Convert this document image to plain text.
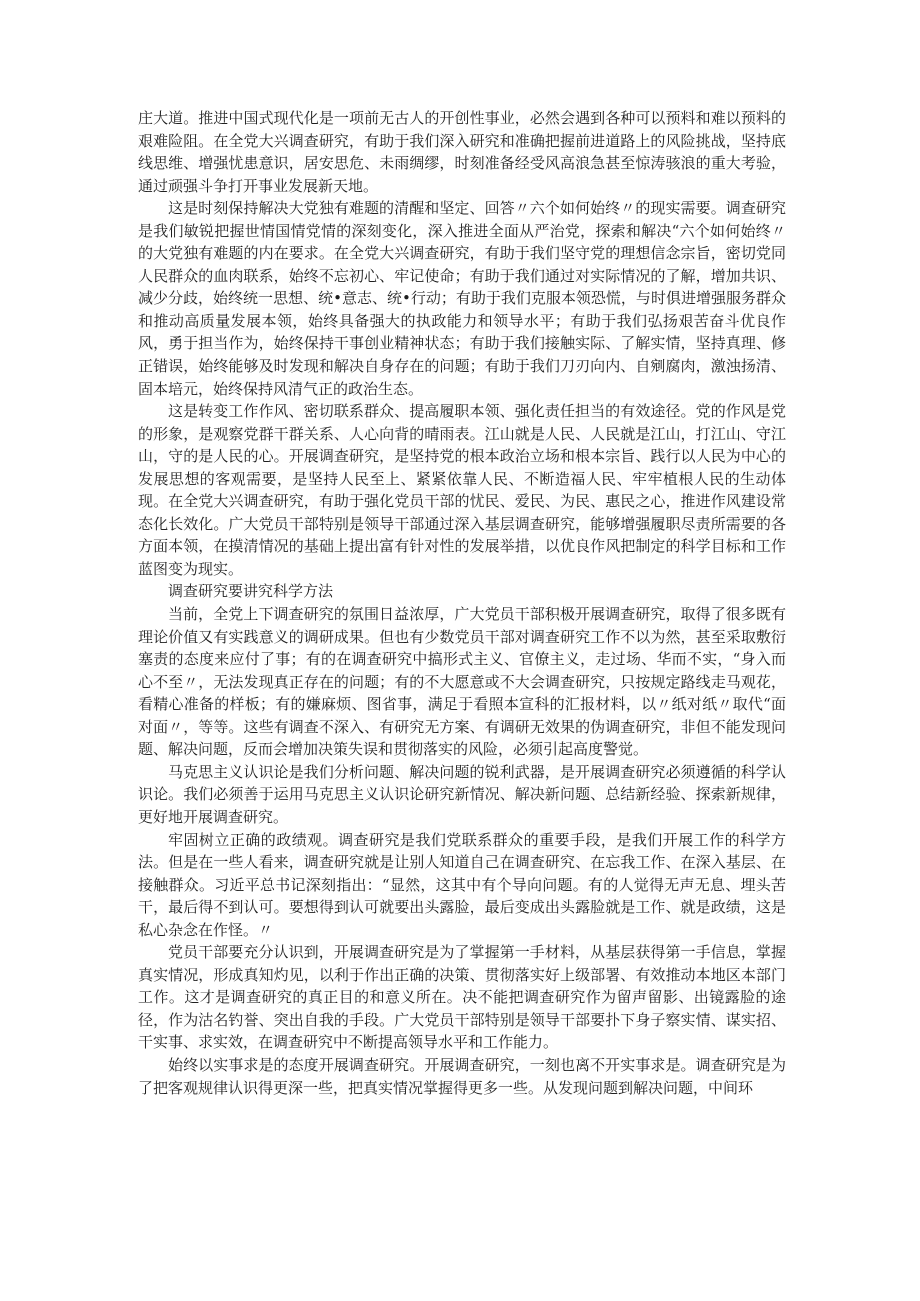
庄大道。推进中国式现代化是一项前无古人的开创性事业，必然会遇到各种可以预料和难以预料的艰难险阻。在全党大兴调查研究，有助于我们深入研究和准确把握前进道路上的风险挑战，坚持底线思维、增强忧患意识，居安思危、未雨绸缪，时刻准备经受风高浪急甚至惊涛骇浪的重大考验，通过顽强斗争打开事业发展新天地。

这是时刻保持解决大党独有难题的清醒和坚定、回答〃六个如何始终〃的现实需要。调查研究是我们敏锐把握世情国情党情的深刻变化，深入推进全面从严治党，探索和解决“六个如何始终〃的大党独有难题的内在要求。在全党大兴调查研究，有助于我们坚守党的理想信念宗旨，密切党同人民群众的血肉联系，始终不忘初心、牢记使命；有助于我们通过对实际情况的了解，增加共识、减少分歧，始终统一思想、统•意志、统•行动；有助于我们克服本领恐慌，与时俱进增强服务群众和推动高质量发展本领，始终具备强大的执政能力和领导水平；有助于我们弘扬艰苦奋斗优良作风，勇于担当作为，始终保持干事创业精神状态；有助于我们接触实际、了解实情，坚持真理、修正错误，始终能够及时发现和解决自身存在的问题；有助于我们刀刃向内、自剜腐肉，激浊扬清、固本培元，始终保持风清气正的政治生态。

这是转变工作作风、密切联系群众、提高履职本领、强化责任担当的有效途径。党的作风是党的形象，是观察党群干群关系、人心向背的晴雨表。江山就是人民、人民就是江山，打江山、守江山，守的是人民的心。开展调查研究，是坚持党的根本政治立场和根本宗旨、践行以人民为中心的发展思想的客观需要，是坚持人民至上、紧紧依靠人民、不断造福人民、牢牢植根人民的生动体现。在全党大兴调查研究，有助于强化党员干部的忧民、爱民、为民、惠民之心，推进作风建设常态化长效化。广大党员干部特别是领导干部通过深入基层调查研究，能够增强履职尽责所需要的各方面本领，在摸清情况的基础上提出富有针对性的发展举措，以优良作风把制定的科学目标和工作蓝图变为现实。

调查研究要讲究科学方法

当前，全党上下调查研究的氛围日益浓厚，广大党员干部积极开展调查研究，取得了很多既有理论价值又有实践意义的调研成果。但也有少数党员干部对调查研究工作不以为然，甚至采取敷衍塞责的态度来应付了事；有的在调查研究中搞形式主义、官僚主义，走过场、华而不实，“身入而心不至〃，无法发现真正存在的问题；有的不大愿意或不大会调查研究，只按规定路线走马观花，看精心准备的样板；有的嫌麻烦、图省事，满足于看照本宣科的汇报材料，以〃纸对纸〃取代“面对面〃，等等。这些有调查不深入、有研究无方案、有调研无效果的伪调查研究，非但不能发现问题、解决问题，反而会增加决策失误和贯彻落实的风险，必须引起高度警觉。

马克思主义认识论是我们分析问题、解决问题的锐利武器，是开展调查研究必须遵循的科学认识论。我们必须善于运用马克思主义认识论研究新情况、解决新问题、总结新经验、探索新规律，更好地开展调查研究。

牢固树立正确的政绩观。调查研究是我们党联系群众的重要手段，是我们开展工作的科学方法。但是在一些人看来，调查研究就是让别人知道自己在调查研究、在忘我工作、在深入基层、在接触群众。习近平总书记深刻指出：“显然，这其中有个导向问题。有的人觉得无声无息、埋头苦干，最后得不到认可。要想得到认可就要出头露脸，最后变成出头露脸就是工作、就是政绩，这是私心杂念在作怪。〃

党员干部要充分认识到，开展调查研究是为了掌握第一手材料，从基层获得第一手信息，掌握真实情况，形成真知灼见，以利于作出正确的决策、贯彻落实好上级部署、有效推动本地区本部门工作。这才是调查研究的真正目的和意义所在。决不能把调查研究作为留声留影、出镜露脸的途径，作为沽名钓誉、突出自我的手段。广大党员干部特别是领导干部要扑下身子察实情、谋实招、干实事、求实效，在调查研究中不断提高领导水平和工作能力。

始终以实事求是的态度开展调查研究。开展调查研究，一刻也离不开实事求是。调查研究是为了把客观规律认识得更深一些，把真实情况掌握得更多一些。从发现问题到解决问题，中间环
